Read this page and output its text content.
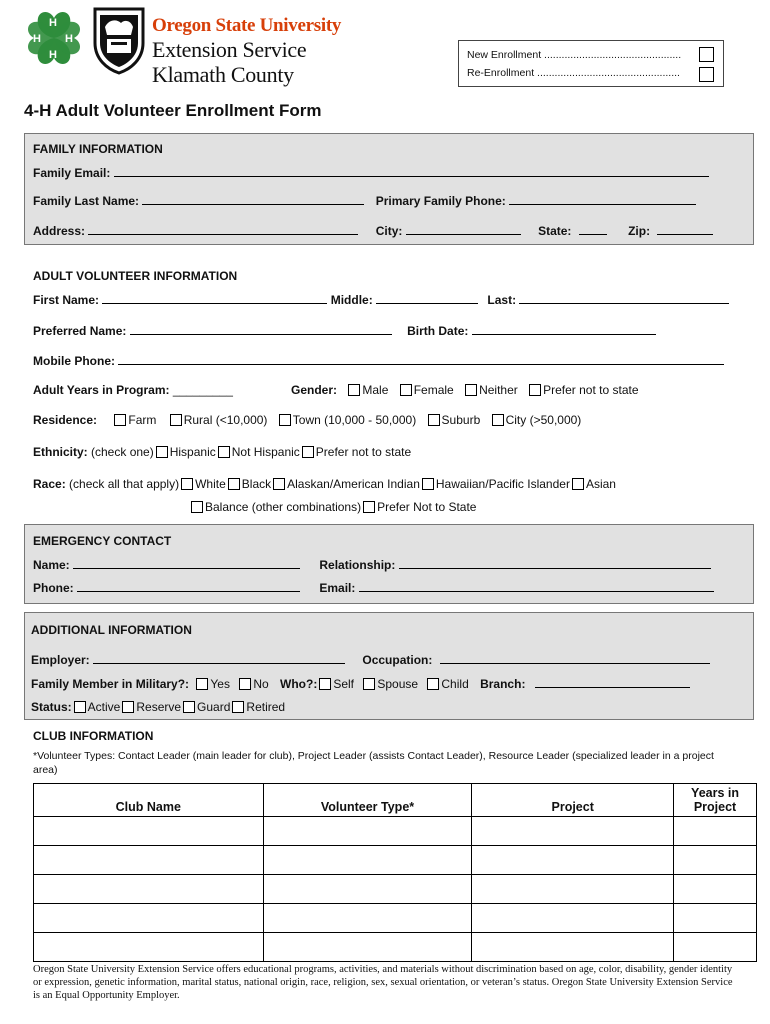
H
H
H H
Oregon State University
Extension Service
Klamath County
New Enrollment ...............................................
Re-Enrollment .................................................
4-H Adult Volunteer Enrollment Form
FAMILY INFORMATION
Family Email:
Family Last Name:	Primary Family Phone:
Address:	City:	State:	Zip:
ADULT VOLUNTEER INFORMATION
First Name:	Middle:	Last:
Preferred Name:	Birth Date:
Mobile Phone:
Adult Years in Program: _________	Gender: Male Female Neither Prefer not to state
Residence:	Farm Rural (<10,000) Town (10,000 - 50,000) Suburb City (>50,000)
Ethnicity: (check one) Hispanic Not Hispanic Prefer not to state
Race: (check all that apply) White Black Alaskan/American Indian Hawaiian/Pacific Islander Asian
Balance (other combinations) Prefer Not to State
EMERGENCY CONTACT
Name:	Relationship:
Phone:	Email:
ADDITIONAL INFORMATION
Employer:	Occupation:
Family Member in Military?: Yes No Who?: Self Spouse Child Branch:
Status: Active Reserve Guard Retired
CLUB INFORMATION
*Volunteer Types: Contact Leader (main leader for club), Project Leader (assists Contact Leader), Resource Leader (specialized leader in a project area)
Club Name	Volunteer Type*	Project	Years in Project

Oregon State University Extension Service offers educational programs, activities, and materials without discrimination based on age, color, disability, gender identity or expression, genetic information, marital status, national origin, race, religion, sex, sexual orientation, or veteran’s status. Oregon State University Extension Service is an Equal Opportunity Employer.
